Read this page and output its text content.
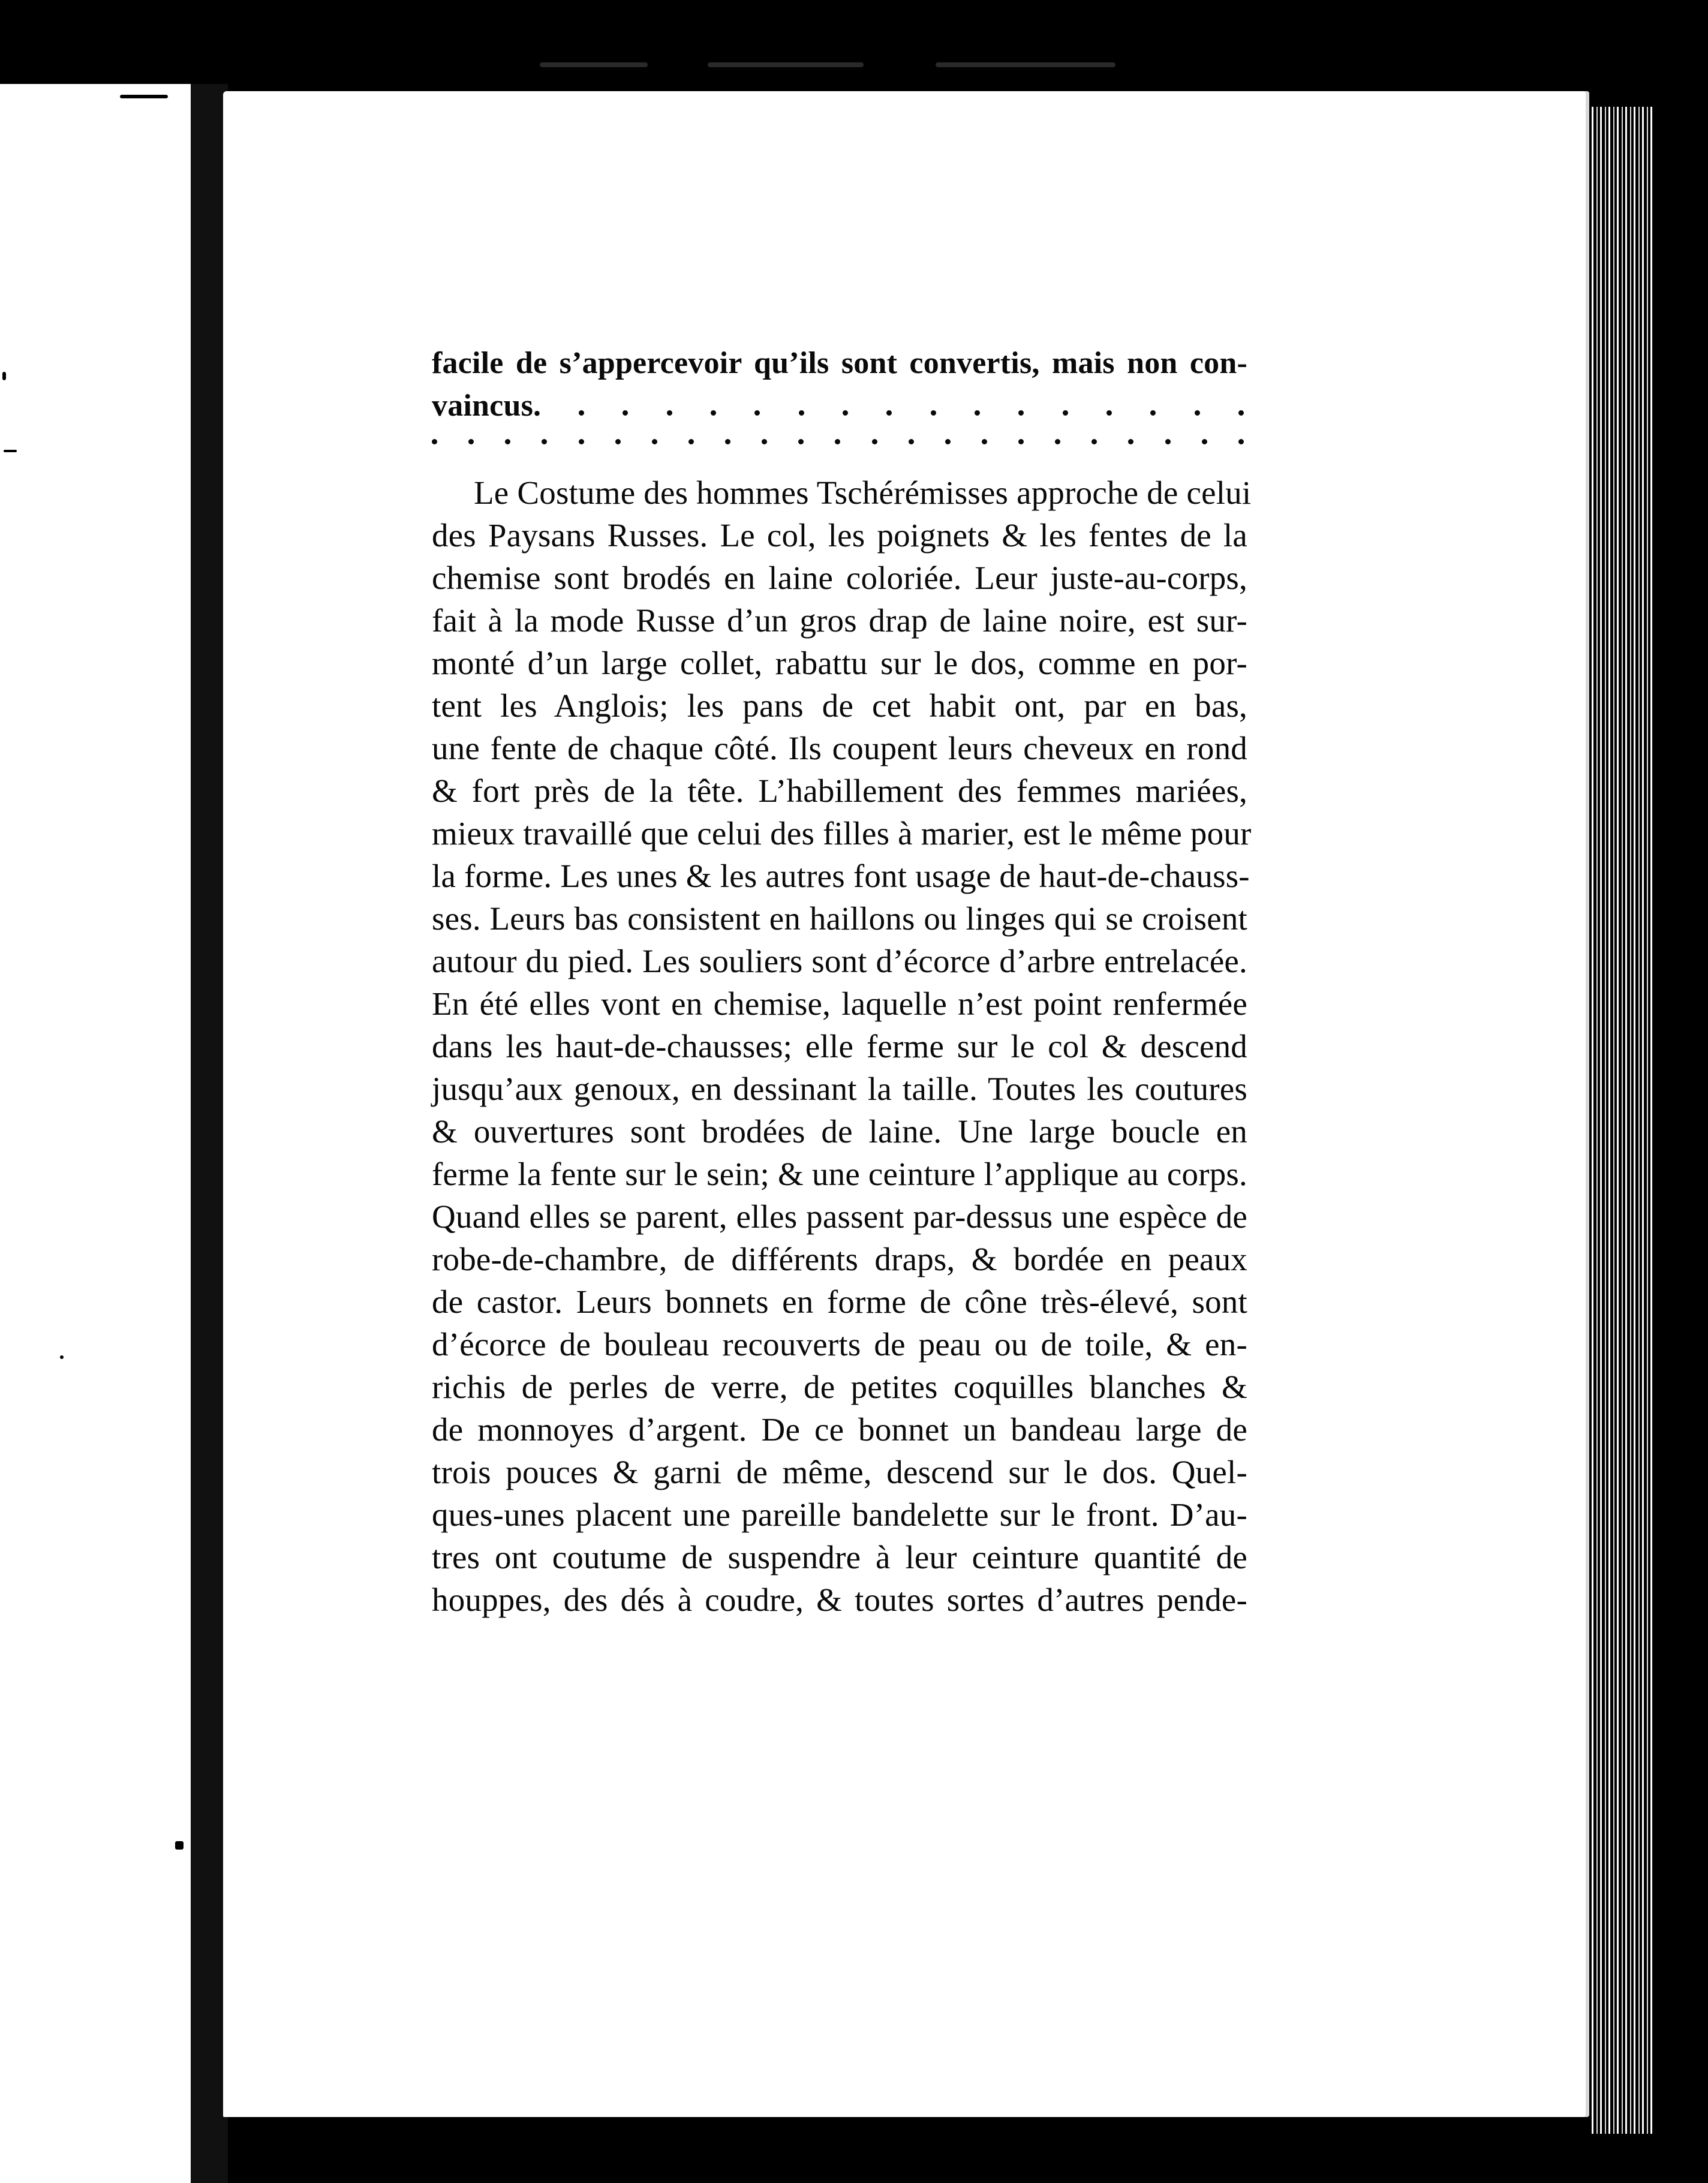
facile de s’appercevoir qu’ils sont convertis, mais non con-
vaincus.
Le Costume des hommes Tschérémisses approche de celui
des Paysans Russes. Le col, les poignets & les fentes de la
chemise sont brodés en laine coloriée. Leur juste-au-corps,
fait à la mode Russe d’un gros drap de laine noire, est sur-
monté d’un large collet, rabattu sur le dos, comme en por-
tent les Anglois; les pans de cet habit ont, par en bas,
une fente de chaque côté. Ils coupent leurs cheveux en rond
& fort près de la tête. L’habillement des femmes mariées,
mieux travaillé que celui des filles à marier, est le même pour
la forme. Les unes & les autres font usage de haut-de-chauss-
ses. Leurs bas consistent en haillons ou linges qui se croisent
autour du pied. Les souliers sont d’écorce d’arbre entrelacée.
En été elles vont en chemise, laquelle n’est point renfermée
dans les haut-de-chausses; elle ferme sur le col & descend
jusqu’aux genoux, en dessinant la taille. Toutes les coutures
& ouvertures sont brodées de laine. Une large boucle en
ferme la fente sur le sein; & une ceinture l’applique au corps.
Quand elles se parent, elles passent par-dessus une espèce de
robe-de-chambre, de différents draps, & bordée en peaux
de castor. Leurs bonnets en forme de cône très-élevé, sont
d’écorce de bouleau recouverts de peau ou de toile, & en-
richis de perles de verre, de petites coquilles blanches &
de monnoyes d’argent. De ce bonnet un bandeau large de
trois pouces & garni de même, descend sur le dos. Quel-
ques-unes placent une pareille bandelette sur le front. D’au-
tres ont coutume de suspendre à leur ceinture quantité de
houppes, des dés à coudre, & toutes sortes d’autres pende-
